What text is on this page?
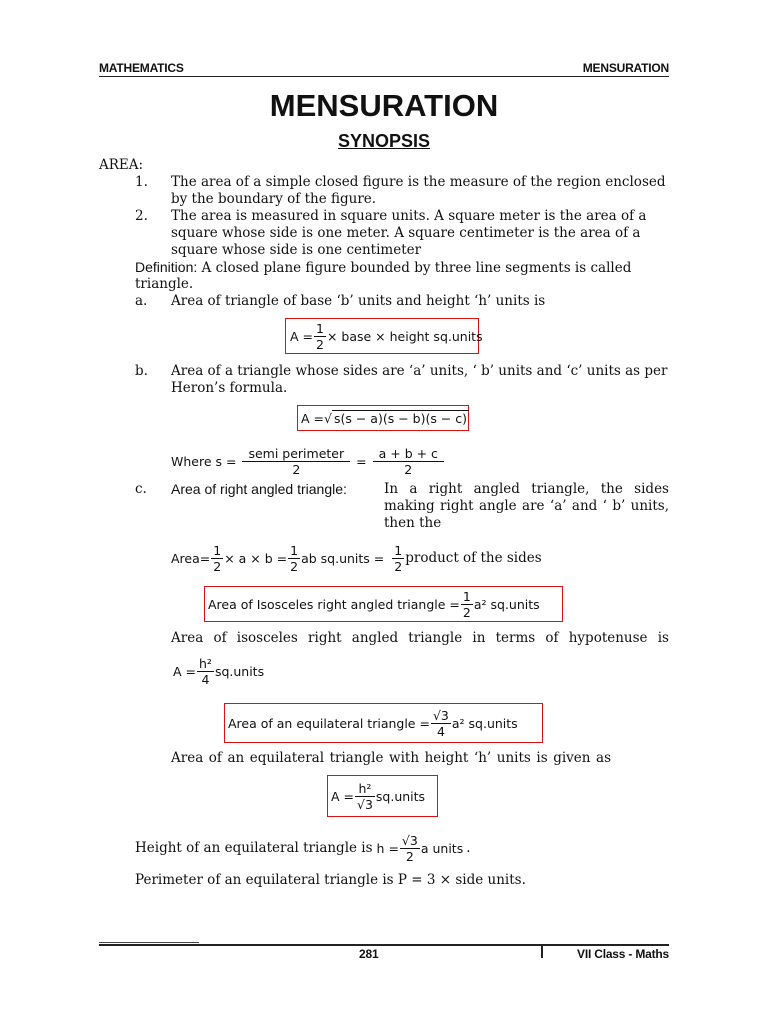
MATHEMATICS	MENSURATION
MENSURATION
SYNOPSIS
AREA:
1. The area of a simple closed figure is the measure of the region enclosed
by the boundary of the figure.
2. The area is measured in square units. A square meter is the area of a
square whose side is one meter. A square centimeter is the area of a
square whose side is one centimeter
Definition: A closed plane figure bounded by three line segments is called
triangle.
a. Area of triangle of base ‘b’ units and height ‘h’ units is
$A = \frac{1}{2}$ × base × height sq.units
b. Area of a triangle whose sides are ‘a’ units, ‘ b’ units and ‘c’ units as per
Heron’s formula.
A = √ s(s − a)(s − b)(s − c)
Where $s = \frac{\text{semi perimeter}}{2} = \frac{a + b + c}{2}$
c. Area of right angled triangle:	In a right angled triangle, the sides
making right angle are ‘a’ and ‘ b’ units,
then the
Area = $\frac{1}{2} \times a \times b = \frac{1}{2}$ ab sq.units = $\frac{1}{2}$ product of the sides
Area of Isosceles right angled triangle = $\frac{1}{2} a^2$ sq.units
Area of isosceles right angled triangle in terms of hypotenuse is
$A = \frac{\text{h²}}{4}$ sq.units
Area of an equilateral triangle = $\frac{√3}{4} a^2$ sq.units
Area of an equilateral triangle with height ‘h’ units is given as
$A = \frac{\text{h²}}{√3}$ sq.units
Height of an equilateral triangle is $h = \frac{√3}{2}$ a units .
Perimeter of an equilateral triangle is P = 3 × side units.
281	VII Class - Maths
